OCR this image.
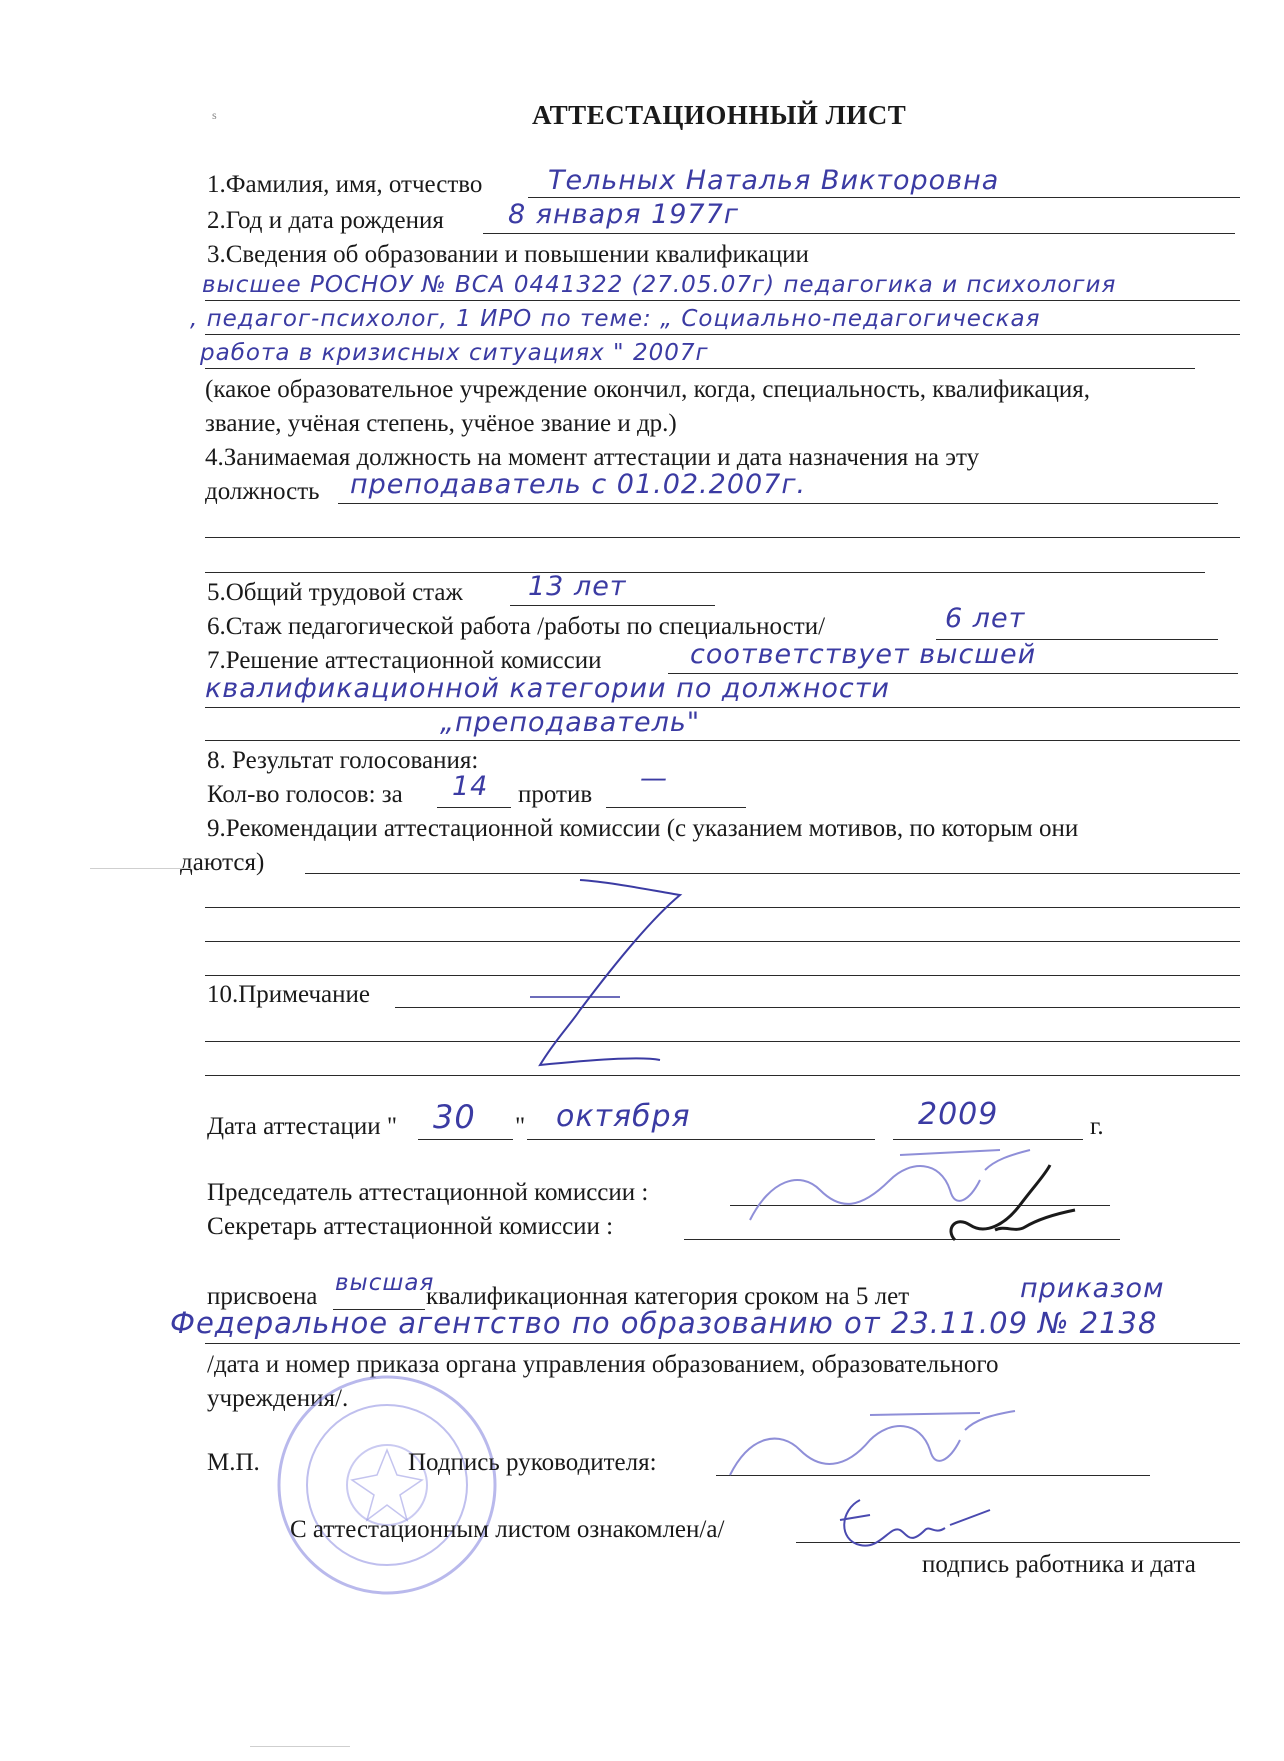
s	АТТЕСТАЦИОННЫЙ ЛИСТ
1.Фамилия, имя, отчество Тельных Наталья Викторовна
2.Год и дата рождения 8 января 1977г
3.Сведения об образовании и повышении квалификации
высшее РОСНОУ № ВСА 0441322 (27.05.07г) педагогика и психология
, педагог-психолог, 1 ИРО по теме: „ Социально-педагогическая
работа в кризисных ситуациях " 2007г
(какое образовательное учреждение окончил, когда, специальность, квалификация,
звание, учёная степень, учёное звание и др.)
4.Занимаемая должность на момент аттестации и дата назначения на эту
должность преподаватель с 01.02.2007г.
5.Общий трудовой стаж 13 лет
6.Стаж педагогической работа /работы по специальности/	6 лет
7.Решение аттестационной комиссии	соответствует высшей
квалификационной категории по должности
„преподаватель"
8. Результат голосования:
Кол-во голосов: за 14 против
—
9.Рекомендации аттестационной комиссии (с указанием мотивов, по которым они
даются)
10.Примечание
Дата аттестации " 30 " октября	2009	г.
Председатель аттестационной комиссии :
Секретарь аттестационной комиссии :
присвоена высшая
квалификационная категория сроком на 5 лет	приказом
Федеральное агентство по образованию от 23.11.09 № 2138
/дата и номер приказа органа управления образованием, образовательного
учреждения/.
М.П.	Подпись руководителя:
С аттестационным листом ознакомлен/а/
подпись работника и дата
